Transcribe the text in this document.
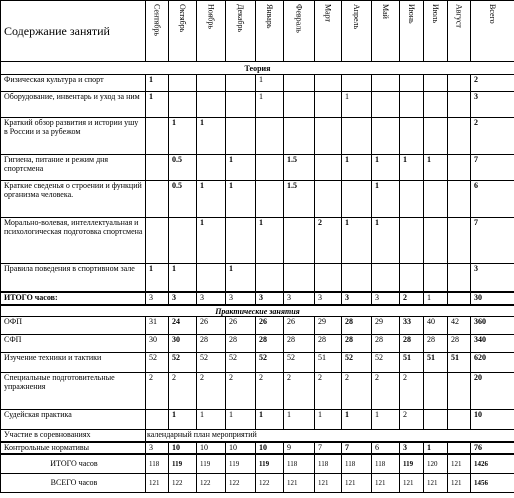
Содержание занятий	Сентябрь	Октябрь	Ноябрь	Декабрь	Январь	Февраль	Март	Апрель	Май	Июнь	Июль	Август	Всего

Теория													
Физическая культура и спорт	1				1								2
Оборудование, инвентарь и уход за ним	1				1			1					3
Краткий обзор развития и истории ушу в России и за рубежом		1	1										2
Гигиена, питание и режим дня спортсмена		0.5		1		1.5		1	1	1	1		7
Краткие сведенья о строении и функций организма человека.		0.5	1	1		1.5			1				6
Морально-волевая, интеллектуальная и психологическая подготовка спортсмена			1		1		2	1	1				7
Правила поведения в спортивном зале	1	1		1									3
ИТОГО часов:	3	3	3	3	3	3	3	3	3	2	1		30
Практические занятия													
ОФП	31	24	26	26	26	26	29	28	29	33	40	42	360
СФП	30	30	28	28	28	28	28	28	28	28	28	28	340
Изучение техники и тактики	52	52	52	52	52	52	51	52	52	51	51	51	620
Специальные подготовительные упражнения	2	2	2	2	2	2	2	2	2	2			20
Судейская практика		1	1	1	1	1	1	1	1	2			10
Участие в соревнованиях	календарный план мероприятий												
Контрольные нормативы	3	10	10	10	10	9	7	7	6	3	1		76
ИТОГО часов	118	119	119	119	119	118	118	118	118	119	120	121	1426
ВСЕГО часов	121	122	122	122	122	121	121	121	121	121	121	121	1456
